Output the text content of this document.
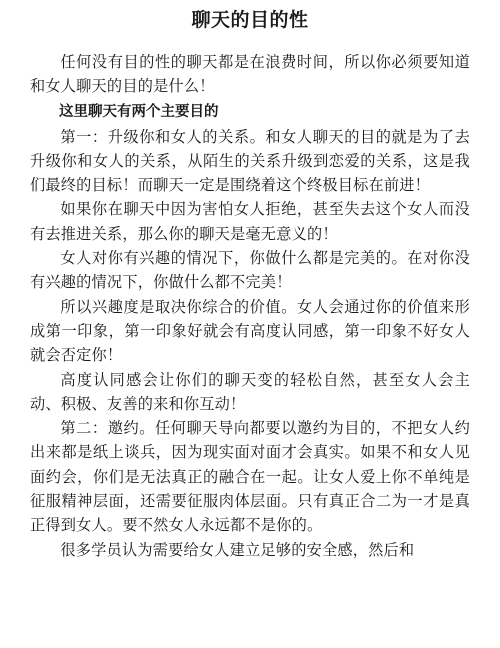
聊天的目的性

任何没有目的性的聊天都是在浪费时间，所以你必须要知道和女人聊天的目的是什么！

这里聊天有两个主要目的

第一：升级你和女人的关系。和女人聊天的目的就是为了去升级你和女人的关系，从陌生的关系升级到恋爱的关系，这是我们最终的目标！而聊天一定是围绕着这个终极目标在前进！

如果你在聊天中因为害怕女人拒绝，甚至失去这个女人而没有去推进关系，那么你的聊天是毫无意义的！

女人对你有兴趣的情况下，你做什么都是完美的。在对你没有兴趣的情况下，你做什么都不完美！

所以兴趣度是取决你综合的价值。女人会通过你的价值来形成第一印象，第一印象好就会有高度认同感，第一印象不好女人就会否定你！

高度认同感会让你们的聊天变的轻松自然，甚至女人会主动、积极、友善的来和你互动！

第二：邀约。任何聊天导向都要以邀约为目的，不把女人约出来都是纸上谈兵，因为现实面对面才会真实。如果不和女人见面约会，你们是无法真正的融合在一起。让女人爱上你不单纯是征服精神层面，还需要征服肉体层面。只有真正合二为一才是真正得到女人。要不然女人永远都不是你的。

很多学员认为需要给女人建立足够的安全感，然后和
